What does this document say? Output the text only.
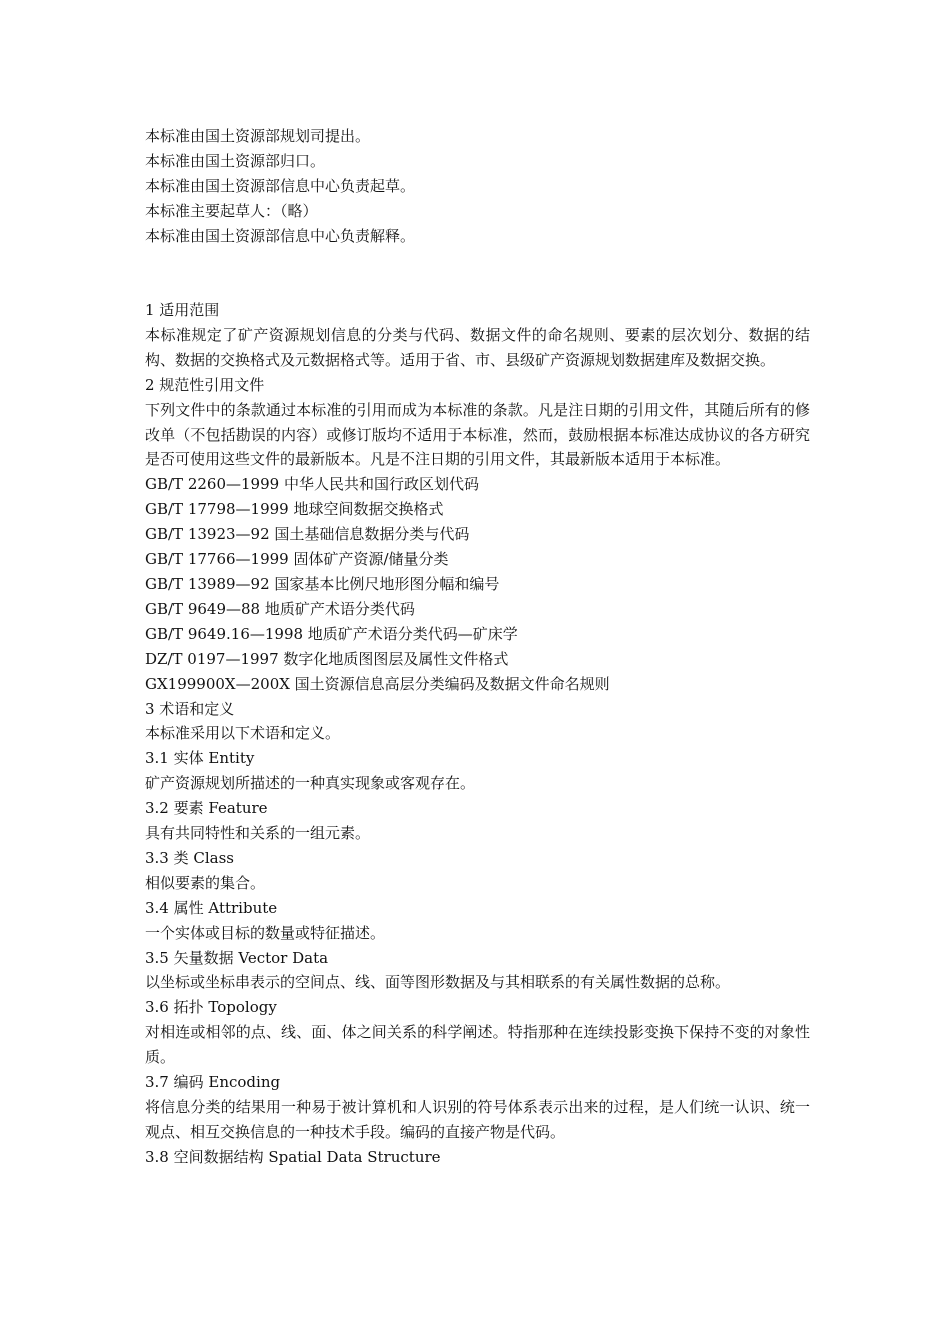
本标准由国土资源部规划司提出。
本标准由国土资源部归口。
本标准由国土资源部信息中心负责起草。
本标准主要起草人：（略）
本标准由国土资源部信息中心负责解释。
1 适用范围
本标准规定了矿产资源规划信息的分类与代码、数据文件的命名规则、要素的层次划分、数据的结构、数据的交换格式及元数据格式等。适用于省、市、县级矿产资源规划数据建库及数据交换。
2 规范性引用文件
下列文件中的条款通过本标准的引用而成为本标准的条款。凡是注日期的引用文件，其随后所有的修改单（不包括勘误的内容）或修订版均不适用于本标准，然而，鼓励根据本标准达成协议的各方研究是否可使用这些文件的最新版本。凡是不注日期的引用文件，其最新版本适用于本标准。
GB/T 2260—1999 中华人民共和国行政区划代码
GB/T 17798—1999 地球空间数据交换格式
GB/T 13923—92 国土基础信息数据分类与代码
GB/T 17766—1999 固体矿产资源/储量分类
GB/T 13989—92 国家基本比例尺地形图分幅和编号
GB/T 9649—88 地质矿产术语分类代码
GB/T 9649.16—1998 地质矿产术语分类代码—矿床学
DZ/T 0197—1997 数字化地质图图层及属性文件格式
GX199900X—200X 国土资源信息高层分类编码及数据文件命名规则
3 术语和定义
本标准采用以下术语和定义。
3.1 实体 Entity
矿产资源规划所描述的一种真实现象或客观存在。
3.2 要素 Feature
具有共同特性和关系的一组元素。
3.3 类 Class
相似要素的集合。
3.4 属性 Attribute
一个实体或目标的数量或特征描述。
3.5 矢量数据 Vector Data
以坐标或坐标串表示的空间点、线、面等图形数据及与其相联系的有关属性数据的总称。
3.6 拓扑 Topology
对相连或相邻的点、线、面、体之间关系的科学阐述。特指那种在连续投影变换下保持不变的对象性质。
3.7 编码 Encoding
将信息分类的结果用一种易于被计算机和人识别的符号体系表示出来的过程，是人们统一认识、统一观点、相互交换信息的一种技术手段。编码的直接产物是代码。
3.8 空间数据结构 Spatial Data Structure
